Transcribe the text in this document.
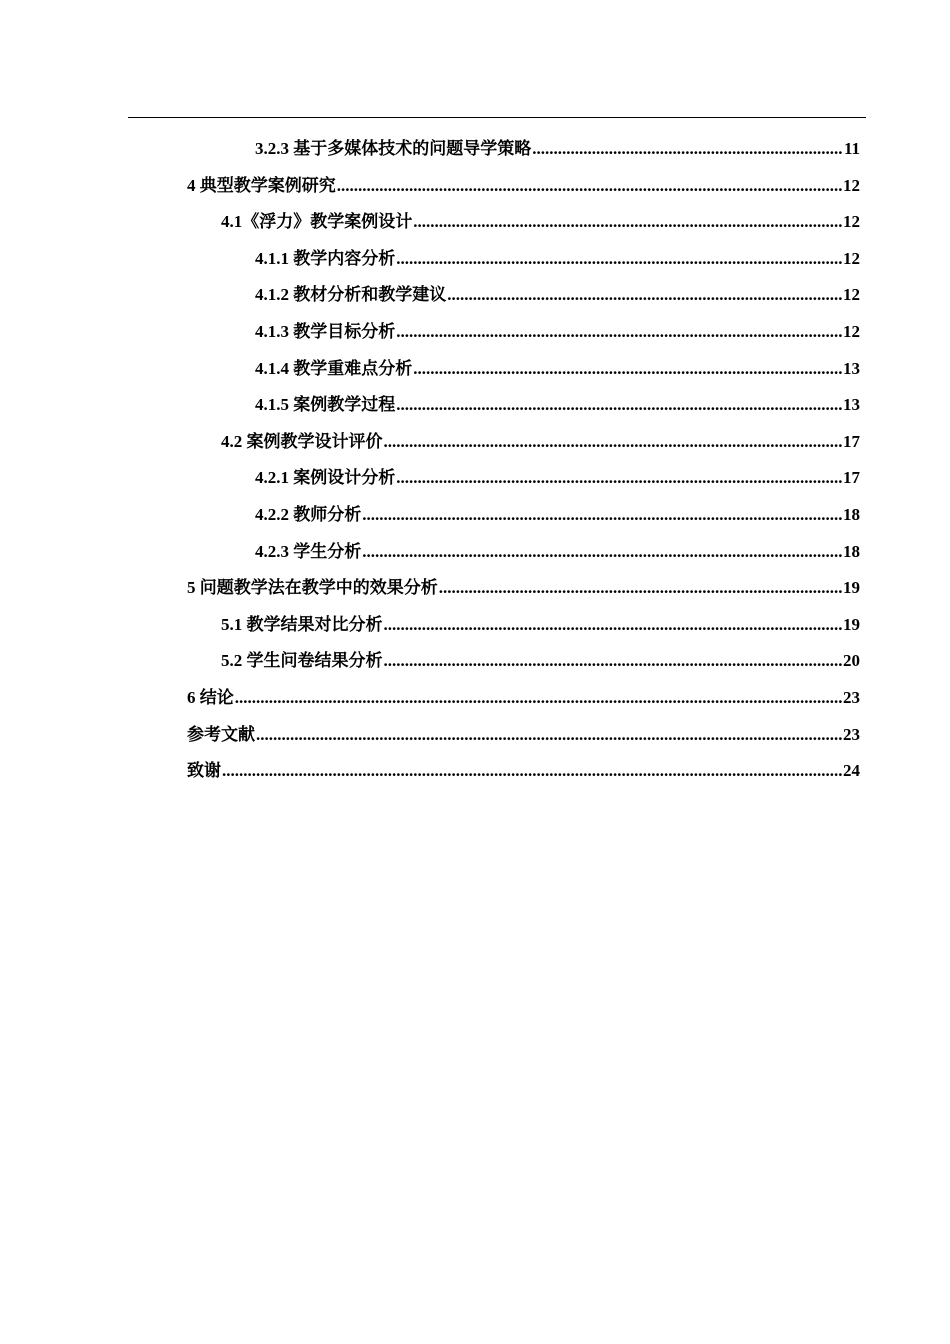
3.2.3 基于多媒体技术的问题导学策略 .....	11
4 典型教学案例研究 .....	12
4.1《浮力》教学案例设计 .....	12
4.1.1 教学内容分析 .....	12
4.1.2 教材分析和教学建议 .....	12
4.1.3 教学目标分析 .....	12
4.1.4 教学重难点分析 .....	13
4.1.5 案例教学过程 .....	13
4.2 案例教学设计评价 .....	17
4.2.1 案例设计分析 .....	17
4.2.2 教师分析 .....	18
4.2.3 学生分析 .....	18
5 问题教学法在教学中的效果分析 .....	19
5.1 教学结果对比分析 .....	19
5.2 学生问卷结果分析 .....	20
6 结论 .....	23
参考文献 .....	23
致谢 .....	24
